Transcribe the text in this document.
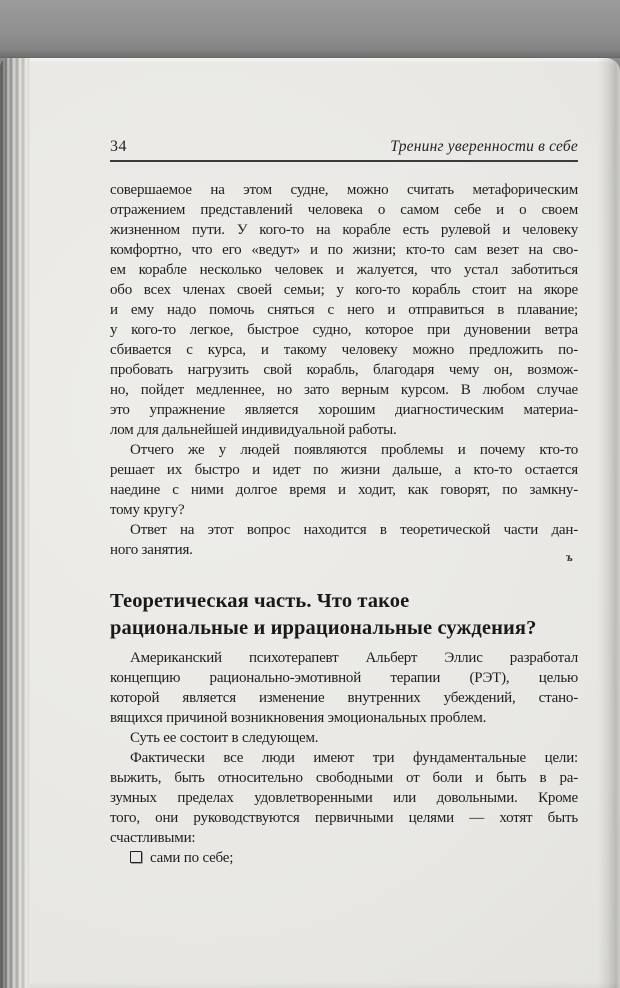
34	Тренинг уверенности в себе
совершаемое на этом судне, можно считать метафорическим
отражением представлений человека о самом себе и о своем
жизненном пути. У кого-то на корабле есть рулевой и человеку
комфортно, что его «ведут» и по жизни; кто-то сам везет на сво-
ем корабле несколько человек и жалуется, что устал заботиться
обо всех членах своей семьи; у кого-то корабль стоит на якоре
и ему надо помочь сняться с него и отправиться в плавание;
у кого-то легкое, быстрое судно, которое при дуновении ветра
сбивается с курса, и такому человеку можно предложить по-
пробовать нагрузить свой корабль, благодаря чему он, возмож-
но, пойдет медленнее, но зато верным курсом. В любом случае
это упражнение является хорошим диагностическим материа-
лом для дальнейшей индивидуальной работы.
Отчего же у людей появляются проблемы и почему кто-то
решает их быстро и идет по жизни дальше, а кто-то остается
наедине с ними долгое время и ходит, как говорят, по замкну-
тому кругу?
Ответ на этот вопрос находится в теоретической части дан-
ного занятия.
Теоретическая часть. Что такое
рациональные и иррациональные суждения?
Американский психотерапевт Альберт Эллис разработал
концепцию рационально-эмотивной терапии (РЭТ), целью
которой является изменение внутренних убеждений, стано-
вящихся причиной возникновения эмоциональных проблем.
Суть ее состоит в следующем.
Фактически все люди имеют три фундаментальные цели:
выжить, быть относительно свободными от боли и быть в ра-
зумных пределах удовлетворенными или довольными. Кроме
того, они руководствуются первичными целями — хотят быть
счастливыми:
сами по себе;
ъ
